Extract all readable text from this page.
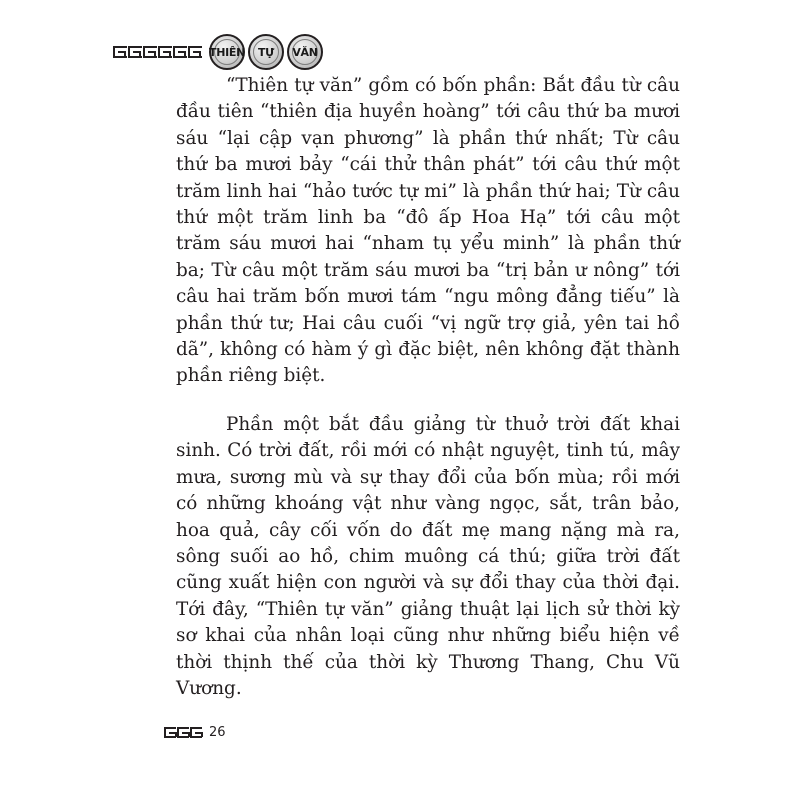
THIÊN TỰ VĂN

“Thiên tự văn” gồm có bốn phần: Bắt đầu từ câu đầu tiên “thiên địa huyền hoàng” tới câu thứ ba mươi sáu “lại cập vạn phương” là phần thứ nhất; Từ câu thứ ba mươi bảy “cái thử thân phát” tới câu thứ một trăm linh hai “hảo tước tự mi” là phần thứ hai; Từ câu thứ một trăm linh ba “đô ấp Hoa Hạ” tới câu một trăm sáu mươi hai “nham tụ yểu minh” là phần thứ ba; Từ câu một trăm sáu mươi ba “trị bản ư nông” tới câu hai trăm bốn mươi tám “ngu mông đẳng tiếu” là phần thứ tư; Hai câu cuối “vị ngữ trợ giả, yên tai hồ dã”, không có hàm ý gì đặc biệt, nên không đặt thành phần riêng biệt.

Phần một bắt đầu giảng từ thuở trời đất khai sinh. Có trời đất, rồi mới có nhật nguyệt, tinh tú, mây mưa, sương mù và sự thay đổi của bốn mùa; rồi mới có những khoáng vật như vàng ngọc, sắt, trân bảo, hoa quả, cây cối vốn do đất mẹ mang nặng mà ra, sông suối ao hồ, chim muông cá thú; giữa trời đất cũng xuất hiện con người và sự đổi thay của thời đại. Tới đây, “Thiên tự văn” giảng thuật lại lịch sử thời kỳ sơ khai của nhân loại cũng như những biểu hiện về thời thịnh thế của thời kỳ Thương Thang, Chu Vũ Vương.

26
